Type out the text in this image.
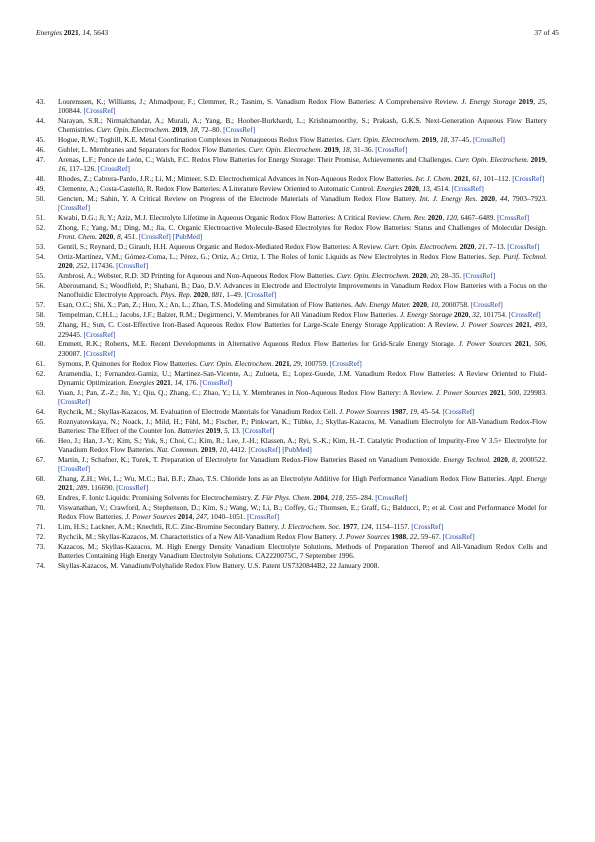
Energies 2021, 14, 5643	37 of 45
43.	Lourenssen, K.; Williams, J.; Ahmadpour, F.; Clemmer, R.; Tasnim, S. Vanadium Redox Flow Batteries: A Comprehensive Review. J. Energy Storage 2019, 25, 100844. [CrossRef]
44.	Narayan, S.R.; Nirmalchandar, A.; Murali, A.; Yang, B.; Hoober-Burkhardt, L.; Krishnamoorthy, S.; Prakash, G.K.S. Next-Generation Aqueous Flow Battery Chemistries. Curr. Opin. Electrochem. 2019, 18, 72–80. [CrossRef]
45.	Hogue, R.W.; Toghill, K.E. Metal Coordination Complexes in Nonaqueous Redox Flow Batteries. Curr. Opin. Electrochem. 2019, 18, 37–45. [CrossRef]
46.	Gubler, L. Membranes and Separators for Redox Flow Batteries. Curr. Opin. Electrochem. 2019, 18, 31–36. [CrossRef]
47.	Arenas, L.F.; Ponce de León, C.; Walsh, F.C. Redox Flow Batteries for Energy Storage: Their Promise, Achievements and Challenges. Curr. Opin. Electrochem. 2019, 16, 117–126. [CrossRef]
48.	Rhodes, Z.; Cabrera-Pardo, J.R.; Li, M.; Minteer, S.D. Electrochemical Advances in Non-Aqueous Redox Flow Batteries. Isr. J. Chem. 2021, 61, 101–112. [CrossRef]
49.	Clemente, A.; Costa-Castelló, R. Redox Flow Batteries: A Literature Review Oriented to Automatic Control. Energies 2020, 13, 4514. [CrossRef]
50.	Gencten, M.; Sahin, Y. A Critical Review on Progress of the Electrode Materials of Vanadium Redox Flow Battery. Int. J. Energy Res. 2020, 44, 7903–7923. [CrossRef]
51.	Kwabi, D.G.; Ji, Y.; Aziz, M.J. Electrolyte Lifetime in Aqueous Organic Redox Flow Batteries: A Critical Review. Chem. Rev. 2020, 120, 6467–6489. [CrossRef]
52.	Zhong, F.; Yang, M.; Ding, M.; Jia, C. Organic Electroactive Molecule-Based Electrolytes for Redox Flow Batteries: Status and Challenges of Molecular Design. Front. Chem. 2020, 8, 451. [CrossRef] [PubMed]
53.	Gentil, S.; Reynard, D.; Girault, H.H. Aqueous Organic and Redox-Mediated Redox Flow Batteries: A Review. Curr. Opin. Electrochem. 2020, 21, 7–13. [CrossRef]
54.	Ortiz-Martínez, V.M.; Gómez-Coma, L.; Pérez, G.; Ortiz, A.; Ortiz, I. The Roles of Ionic Liquids as New Electrolytes in Redox Flow Batteries. Sep. Purif. Technol. 2020, 252, 117436. [CrossRef]
55.	Ambrosi, A.; Webster, R.D. 3D Printing for Aqueous and Non-Aqueous Redox Flow Batteries. Curr. Opin. Electrochem. 2020, 20, 28–35. [CrossRef]
56.	Aberoumand, S.; Woodfield, P.; Shabani, B.; Dao, D.V. Advances in Electrode and Electrolyte Improvements in Vanadium Redox Flow Batteries with a Focus on the Nanofluidic Electrolyte Approach. Phys. Rep. 2020, 881, 1–49. [CrossRef]
57.	Esan, O.C.; Shi, X.; Pan, Z.; Huo, X.; An, L.; Zhao, T.S. Modeling and Simulation of Flow Batteries. Adv. Energy Mater. 2020, 10, 2000758. [CrossRef]
58.	Tempelman, C.H.L.; Jacobs, J.F.; Balzer, R.M.; Degirmenci, V. Membranes for All Vanadium Redox Flow Batteries. J. Energy Storage 2020, 32, 101754. [CrossRef]
59.	Zhang, H.; Sun, C. Cost-Effective Iron-Based Aqueous Redox Flow Batteries for Large-Scale Energy Storage Application: A Review. J. Power Sources 2021, 493, 229445. [CrossRef]
60.	Emmett, R.K.; Roberts, M.E. Recent Developments in Alternative Aqueous Redox Flow Batteries for Grid-Scale Energy Storage. J. Power Sources 2021, 506, 230087. [CrossRef]
61.	Symons, P. Quinones for Redox Flow Batteries. Curr. Opin. Electrochem. 2021, 29, 100759. [CrossRef]
62.	Aramendia, I.; Fernandez-Gamiz, U.; Martinez-San-Vicente, A.; Zulueta, E.; Lopez-Guede, J.M. Vanadium Redox Flow Batteries: A Review Oriented to Fluid-Dynamic Optimization. Energies 2021, 14, 176. [CrossRef]
63.	Yuan, J.; Pan, Z.-Z.; Jin, Y.; Qiu, Q.; Zhang, C.; Zhao, Y.; Li, Y. Membranes in Non-Aqueous Redox Flow Battery: A Review. J. Power Sources 2021, 500, 229983. [CrossRef]
64.	Rychcik, M.; Skyllas-Kazacos, M. Evaluation of Electrode Materials for Vanadium Redox Cell. J. Power Sources 1987, 19, 45–54. [CrossRef]
65.	Roznyatovskaya, N.; Noack, J.; Mild, H.; Fühl, M.; Fischer, P.; Pinkwart, K.; Tübke, J.; Skyllas-Kazacos, M. Vanadium Electrolyte for All-Vanadium Redox-Flow Batteries: The Effect of the Counter Ion. Batteries 2019, 5, 13. [CrossRef]
66.	Heo, J.; Han, J.-Y.; Kim, S.; Yuk, S.; Choi, C.; Kim, R.; Lee, J.-H.; Klassen, A.; Ryi, S.-K.; Kim, H.-T. Catalytic Production of Impurity-Free V 3.5+ Electrolyte for Vanadium Redox Flow Batteries. Nat. Commun. 2019, 10, 4412. [CrossRef] [PubMed]
67.	Martin, J.; Schafner, K.; Turek, T. Preparation of Electrolyte for Vanadium Redox-Flow Batteries Based on Vanadium Pentoxide. Energy Technol. 2020, 8, 2000522. [CrossRef]
68.	Zhang, Z.H.; Wei, L.; Wu, M.C.; Bai, B.F.; Zhao, T.S. Chloride Ions as an Electrolyte Additive for High Performance Vanadium Redox Flow Batteries. Appl. Energy 2021, 289, 116690. [CrossRef]
69.	Endres, F. Ionic Liquids: Promising Solvents for Electrochemistry. Z. Für Phys. Chem. 2004, 218, 255–284. [CrossRef]
70.	Viswanathan, V.; Crawford, A.; Stephenson, D.; Kim, S.; Wang, W.; Li, B.; Coffey, G.; Thomsen, E.; Graff, G.; Balducci, P.; et al. Cost and Performance Model for Redox Flow Batteries. J. Power Sources 2014, 247, 1040–1051. [CrossRef]
71.	Lim, H.S.; Lackner, A.M.; Knechtli, R.C. Zinc-Bromine Secondary Battery. J. Electrochem. Soc. 1977, 124, 1154–1157. [CrossRef]
72.	Rychcik, M.; Skyllas-Kazacos, M. Characteristics of a New All-Vanadium Redox Flow Battery. J. Power Sources 1988, 22, 59–67. [CrossRef]
73.	Kazacos, M.; Skyllas-Kazacos, M. High Energy Density Vanadium Electrolyte Solutions, Methods of Preparation Thereof and All-Vanadium Redox Cells and Batteries Containing High Energy Vanadium Electrolyte Solutions. CA2220075C, 7 September 1996.
74.	Skyllas-Kazacos, M. Vanadium/Polyhalide Redox Flow Battery. U.S. Patent US7320844B2, 22 January 2008.
